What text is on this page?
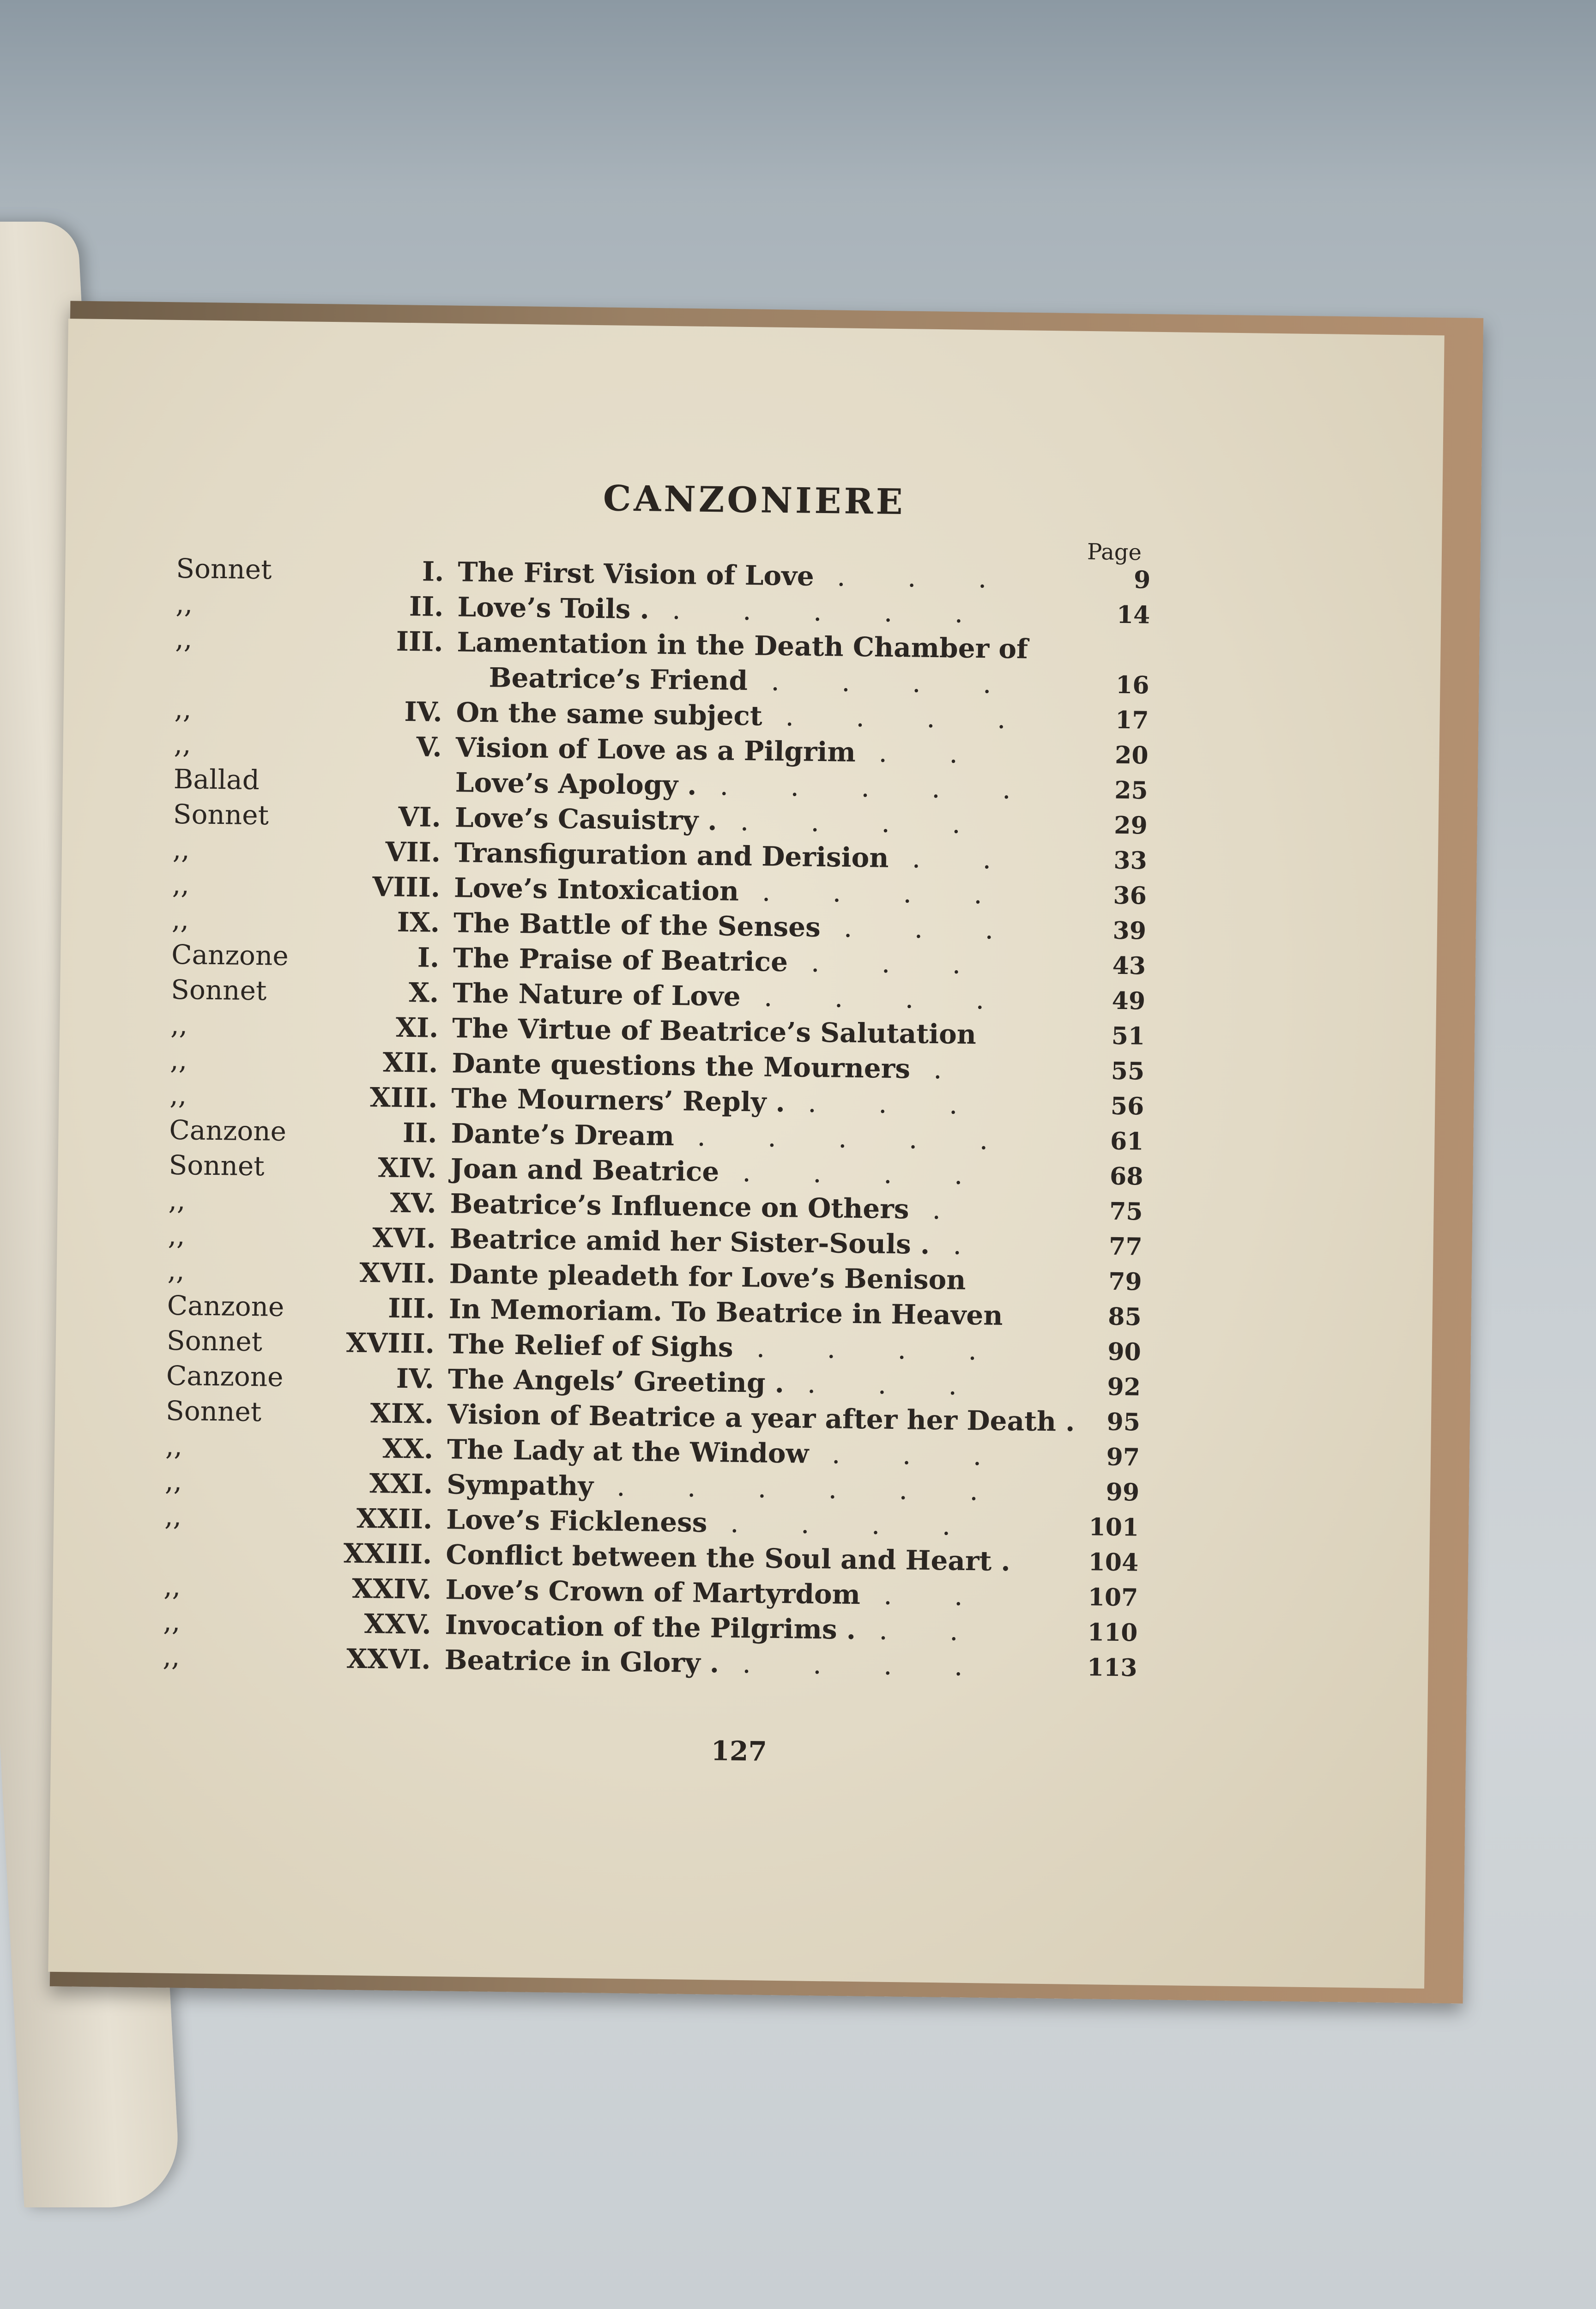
CANZONIERE
Page
Sonnet	I. The First Vision of Love	9
. . .
,,	II. Love’s Toils .	14
. . . . .
,,	III. Lamentation in the Death Chamber of
Beatrice’s Friend	16
. . . .
,,	IV. On the same subject	17
. . . .
,,	V. Vision of Love as a Pilgrim	20
. .
Ballad	Love’s Apology .	25
. . . . .
Sonnet	VI. Love’s Casuistry .	29
. . . .
,,	VII. Transfiguration and Derision	33
. .
,,	VIII. Love’s Intoxication	36
. . . .
,,	IX. The Battle of the Senses	39
. . .
Canzone	I. The Praise of Beatrice	43
. . .
Sonnet	X. The Nature of Love	49
. . . .
,,	XI. The Virtue of Beatrice’s Salutation	51
,,	XII. Dante questions the Mourners	55
.
,,	XIII. The Mourners’ Reply .	56
. . .
Canzone	II. Dante’s Dream	61
. . . . .
Sonnet	XIV. Joan and Beatrice	68
. . . .
,,	XV. Beatrice’s Influence on Others	75
.
,,	XVI. Beatrice amid her Sister-Souls .	77
.
,,	XVII. Dante pleadeth for Love’s Benison	79
Canzone	III. In Memoriam. To Beatrice in Heaven	85
Sonnet	XVIII. The Relief of Sighs	90
. . . .
Canzone	IV. The Angels’ Greeting .	92
. . .
Sonnet	XIX. Vision of Beatrice a year after her Death .	95
,,	XX. The Lady at the Window	97
. . .
,,	XXI. Sympathy	99
. . . . . .
,,	XXII. Love’s Fickleness	101
. . . .
XXIII. Conflict between the Soul and Heart .	104
,,	XXIV. Love’s Crown of Martyrdom	107
. .
,,	XXV. Invocation of the Pilgrims .	110
. .
,,	XXVI. Beatrice in Glory .	113
. . . .
127
